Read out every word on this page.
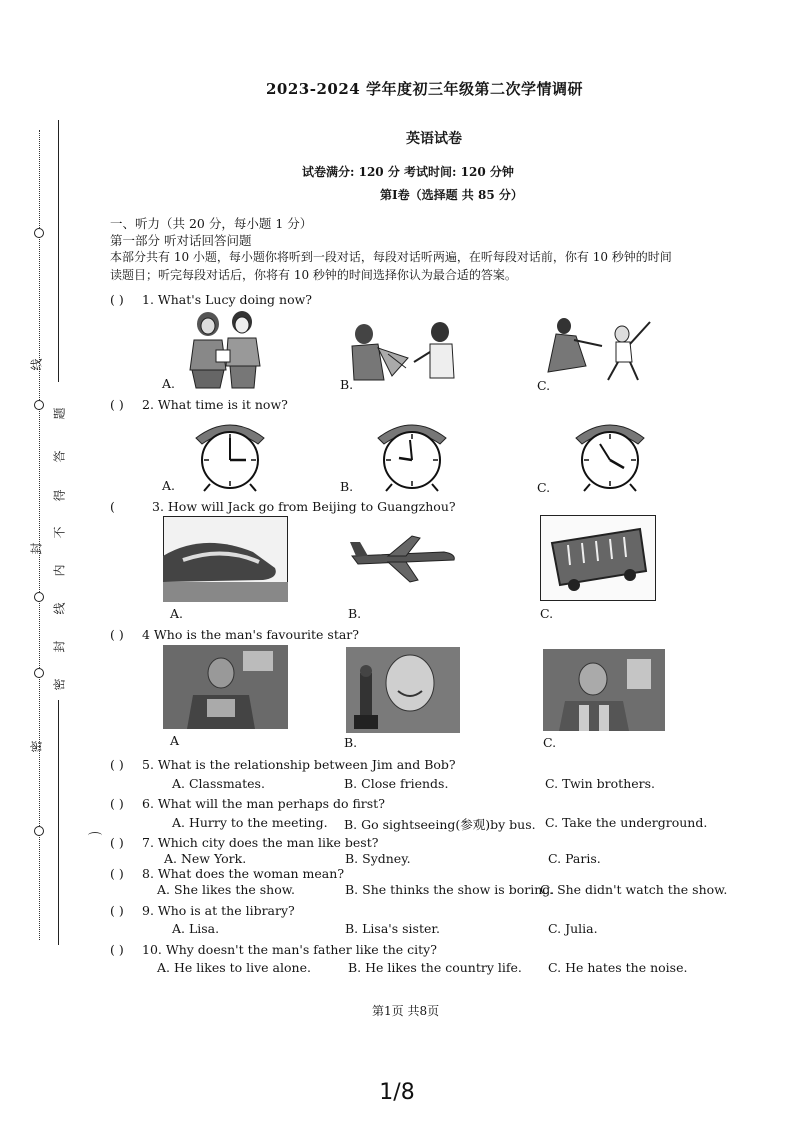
线
题
答
得
不
内
线
封
密
封
密
2023-2024 学年度初三年级第二次学情调研
英语试卷
试卷满分: 120 分 考试时间: 120 分钟
第Ⅰ卷（选择题 共 85 分）
一、听力（共 20 分，每小题 1 分）
第一部分 听对话回答问题
本部分共有 10 小题，每小题你将听到一段对话，每段对话听两遍，在听每段对话前，你有 10 秒钟的时间
读题目；听完每段对话后，你将有 10 秒钟的时间选择你认为最合适的答案。
( ) 1. What's Lucy doing now?
A.	B.	C.
( ) 2. What time is it now?
A.	B.	C.
(	3. How will Jack go from Beijing to Guangzhou?
A.	B.	C.
( ) 4 Who is the man's favourite star?
A	B.	C.
( ) 5. What is the relationship between Jim and Bob?
A. Classmates.	B. Close friends.	C. Twin brothers.
( ) 6. What will the man perhaps do first?
A. Hurry to the meeting. B. Go sightseeing(参观)by bus. C. Take the underground.
( ) 7. Which city does the man like best?
A. New York.	B. Sydney.	C. Paris.
( ) 8. What does the woman mean?
A. She likes the show.	B. She thinks the show is boring.
C. She didn't watch the show.
( ) 9. Who is at the library?
A. Lisa.	B. Lisa's sister.	C. Julia.
( ) 10. Why doesn't the man's father like the city?
A. He likes to live alone.	B. He likes the country life. C. He hates the noise.
第1页 共8页
1/8
